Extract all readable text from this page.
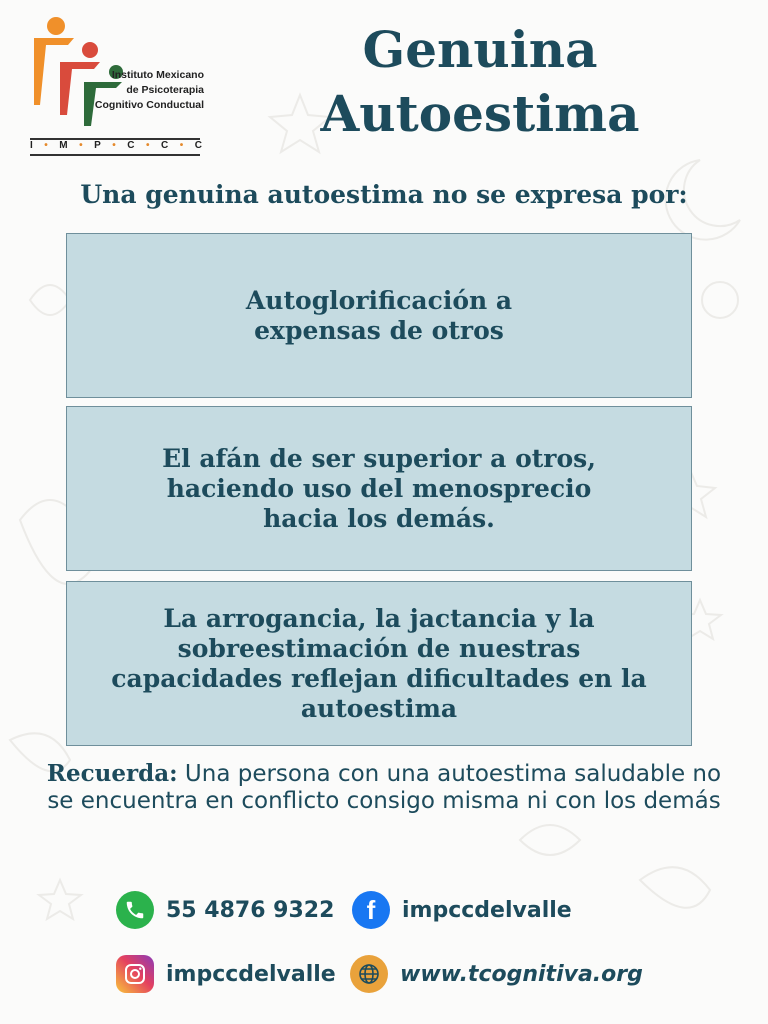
Instituto Mexicano
de Psicoterapia
Cognitivo Conductual
I • M • P • C • C • C
Genuina
Autoestima
Una genuina autoestima no se expresa por:
Autoglorificación a
expensas de otros
El afán de ser superior a otros,
haciendo uso del menosprecio
hacia los demás.
La arrogancia, la jactancia y la
sobreestimación de nuestras
capacidades reflejan dificultades en la
autoestima
Recuerda: Una persona con una autoestima saludable no se encuentra en conflicto consigo misma ni con los demás
55 4876 9322 f impccdelvalle
impccdelvalle	www.tcognitiva.org
